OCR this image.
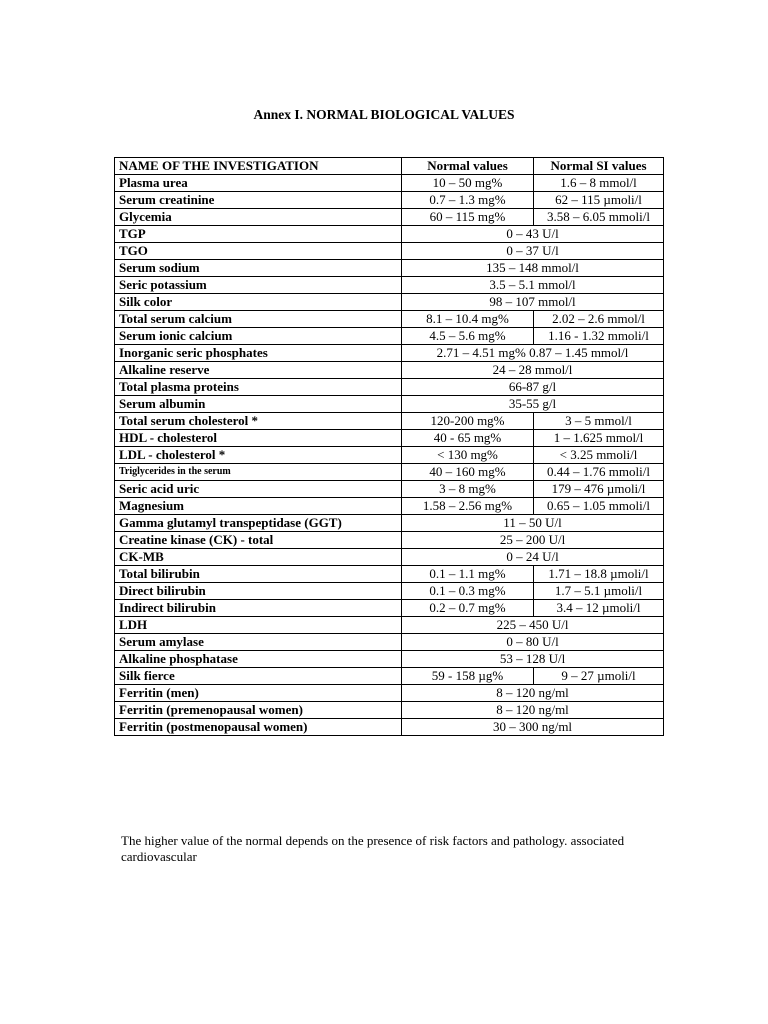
Annex I. NORMAL BIOLOGICAL VALUES
NAME OF THE INVESTIGATION	Normal values	Normal SI values
Plasma urea	10 – 50 mg%	1.6 – 8 mmol/l
Serum creatinine	0.7 – 1.3 mg%	62 – 115 µmoli/l
Glycemia	60 – 115 mg%	3.58 – 6.05 mmoli/l
TGP	0 – 43 U/l	
TGO	0 – 37 U/l	
Serum sodium	135 – 148 mmol/l	
Seric potassium	3.5 – 5.1 mmol/l	
Silk color	98 – 107 mmol/l	
Total serum calcium	8.1 – 10.4 mg%	2.02 – 2.6 mmol/l
Serum ionic calcium	4.5 – 5.6 mg%	1.16 - 1.32 mmoli/l
Inorganic seric phosphates	2.71 – 4.51 mg% 0.87 – 1.45 mmol/l	
Alkaline reserve	24 – 28 mmol/l	
Total plasma proteins	66-87 g/l	
Serum albumin	35-55 g/l	
Total serum cholesterol *	120-200 mg%	3 – 5 mmol/l
HDL - cholesterol	40 - 65 mg%	1 – 1.625 mmol/l
LDL - cholesterol *	< 130 mg%	< 3.25 mmoli/l
Triglycerides in the serum	40 – 160 mg%	0.44 – 1.76 mmoli/l
Seric acid uric	3 – 8 mg%	179 – 476 µmoli/l
Magnesium	1.58 – 2.56 mg%	0.65 – 1.05 mmoli/l
Gamma glutamyl transpeptidase (GGT)	11 – 50 U/l	
Creatine kinase (CK) - total	25 – 200 U/l	
CK-MB	0 – 24 U/l	
Total bilirubin	0.1 – 1.1 mg%	1.71 – 18.8 µmoli/l
Direct bilirubin	0.1 – 0.3 mg%	1.7 – 5.1 µmoli/l
Indirect bilirubin	0.2 – 0.7 mg%	3.4 – 12 µmoli/l
LDH	225 – 450 U/l	
Serum amylase	0 – 80 U/l	
Alkaline phosphatase	53 – 128 U/l	
Silk fierce	59 - 158 µg%	9 – 27 µmoli/l
Ferritin (men)	8 – 120 ng/ml	
Ferritin (premenopausal women)	8 – 120 ng/ml	
Ferritin (postmenopausal women)	30 – 300 ng/ml	
The higher value of the normal depends on the presence of risk factors and pathology. associated cardiovascular
